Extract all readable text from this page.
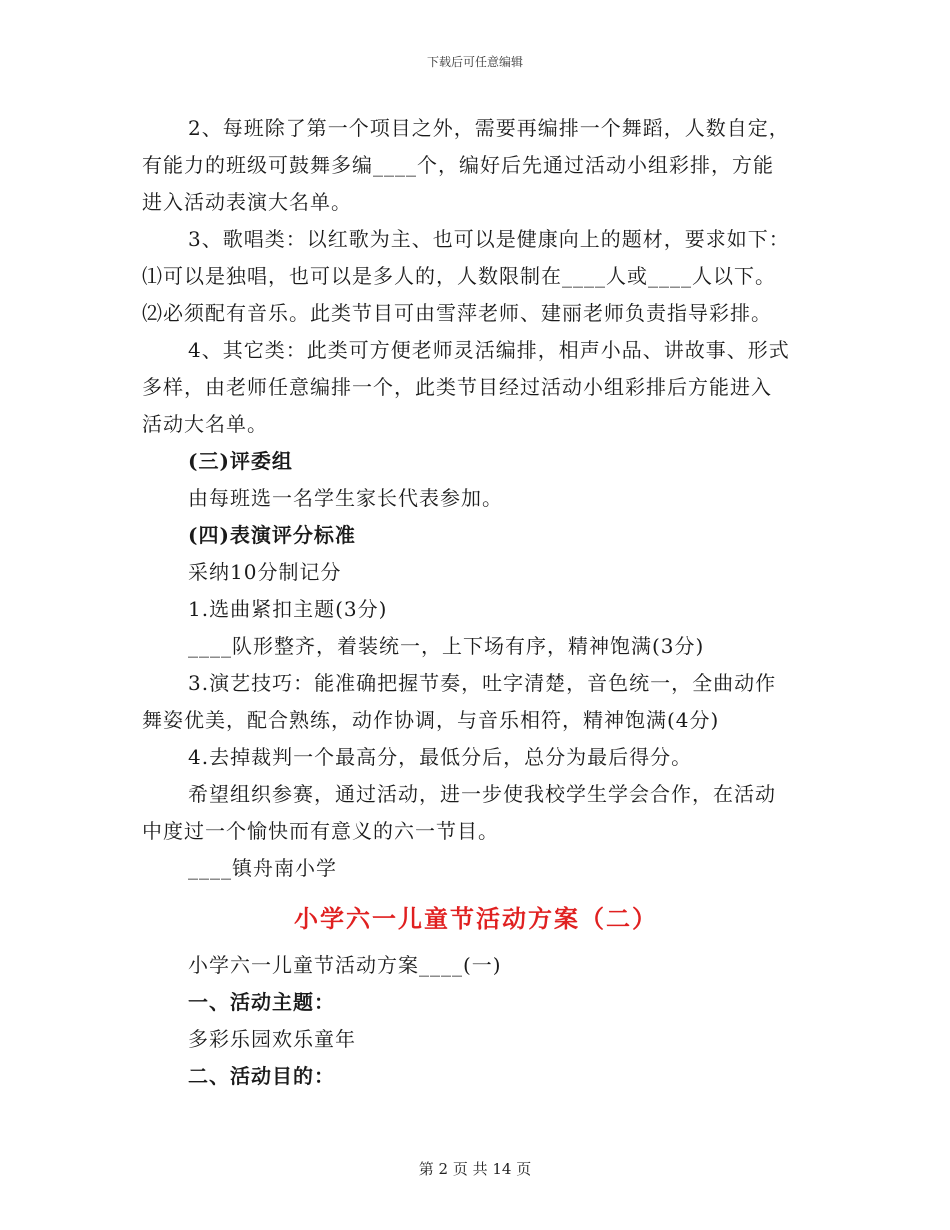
下载后可任意编辑
2、每班除了第一个项目之外，需要再编排一个舞蹈，人数自定，
有能力的班级可鼓舞多编____个，编好后先通过活动小组彩排，方能
进入活动表演大名单。
3、歌唱类：以红歌为主、也可以是健康向上的题材，要求如下：
⑴可以是独唱，也可以是多人的，人数限制在____人或____人以下。
⑵必须配有音乐。此类节目可由雪萍老师、建丽老师负责指导彩排。
4、其它类：此类可方便老师灵活编排，相声小品、讲故事、形式
多样，由老师任意编排一个，此类节目经过活动小组彩排后方能进入
活动大名单。
(三)评委组
由每班选一名学生家长代表参加。
(四)表演评分标准
采纳10分制记分
1.选曲紧扣主题(3分)
____队形整齐，着装统一，上下场有序，精神饱满(3分)
3.演艺技巧：能准确把握节奏，吐字清楚，音色统一，全曲动作
舞姿优美，配合熟练，动作协调，与音乐相符，精神饱满(4分)
4.去掉裁判一个最高分，最低分后，总分为最后得分。
希望组织参赛，通过活动，进一步使我校学生学会合作，在活动
中度过一个愉快而有意义的六一节目。
____镇舟南小学
小学六一儿童节活动方案（二）
小学六一儿童节活动方案____(一)
一、活动主题：
多彩乐园欢乐童年
二、活动目的：
第 2 页 共 14 页
